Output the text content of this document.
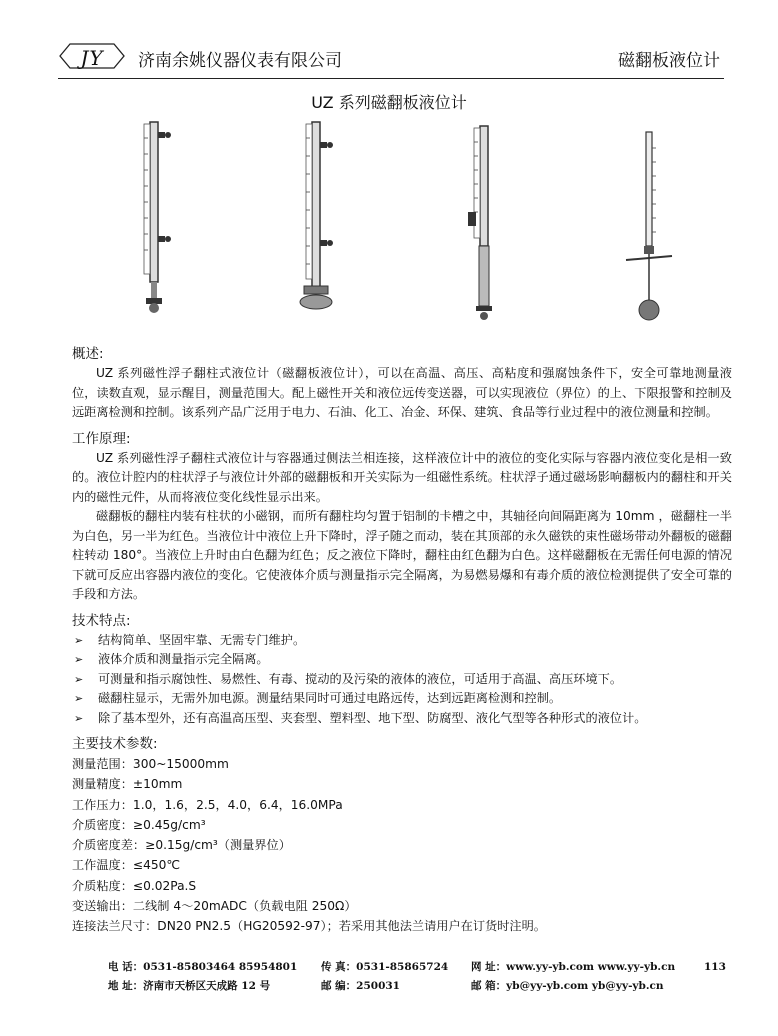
JY	济南余姚仪器仪表有限公司	磁翻板液位计
UZ 系列磁翻板液位计

概述:

UZ 系列磁性浮子翻柱式液位计（磁翻板液位计），可以在高温、高压、高粘度和强腐蚀条件下，安全可靠地测量液位，读数直观，显示醒目，测量范围大。配上磁性开关和液位远传变送器，可以实现液位（界位）的上、下限报警和控制及远距离检测和控制。该系列产品广泛用于电力、石油、化工、冶金、环保、建筑、食品等行业过程中的液位测量和控制。

工作原理:

UZ 系列磁性浮子翻柱式液位计与容器通过侧法兰相连接，这样液位计中的液位的变化实际与容器内液位变化是相一致的。液位计腔内的柱状浮子与液位计外部的磁翻板和开关实际为一组磁性系统。柱状浮子通过磁场影响翻板内的翻柱和开关内的磁性元件，从而将液位变化线性显示出来。

磁翻板的翻柱内装有柱状的小磁钢，而所有翻柱均匀置于铝制的卡槽之中，其轴径向间隔距离为 10mm ，磁翻柱一半为白色，另一半为红色。当液位计中液位上升下降时，浮子随之而动，装在其顶部的永久磁铁的束性磁场带动外翻板的磁翻柱转动 180°。当液位上升时由白色翻为红色；反之液位下降时，翻柱由红色翻为白色。这样磁翻板在无需任何电源的情况下就可反应出容器内液位的变化。它使液体介质与测量指示完全隔离，为易燃易爆和有毒介质的液位检测提供了安全可靠的手段和方法。

技术特点:

➢ 结构简单、坚固牢靠、无需专门维护。
➢ 液体介质和测量指示完全隔离。
➢ 可测量和指示腐蚀性、易燃性、有毒、搅动的及污染的液体的液位，可适用于高温、高压环境下。
➢ 磁翻柱显示，无需外加电源。测量结果同时可通过电路远传，达到远距离检测和控制。
➢ 除了基本型外，还有高温高压型、夹套型、塑料型、地下型、防腐型、液化气型等各种形式的液位计。

主要技术参数:

测量范围：300~15000mm

测量精度：±10mm

工作压力：1.0，1.6，2.5，4.0，6.4，16.0MPa

介质密度：≥0.45g/cm³

介质密度差：≥0.15g/cm³（测量界位）

工作温度：≤450℃

介质粘度：≤0.02Pa.S

变送输出：二线制 4～20mADC（负载电阻 250Ω）

连接法兰尺寸：DN20 PN2.5（HG20592-97）；若采用其他法兰请用户在订货时注明。

电 话：0531-85803464 85954801 传 真：0531-85865724 网 址：www.yy-yb.com www.yy-yb.cn	113
地 址：济南市天桥区天成路 12 号	邮 编：250031	邮 箱：yb@yy-yb.com yb@yy-yb.cn
